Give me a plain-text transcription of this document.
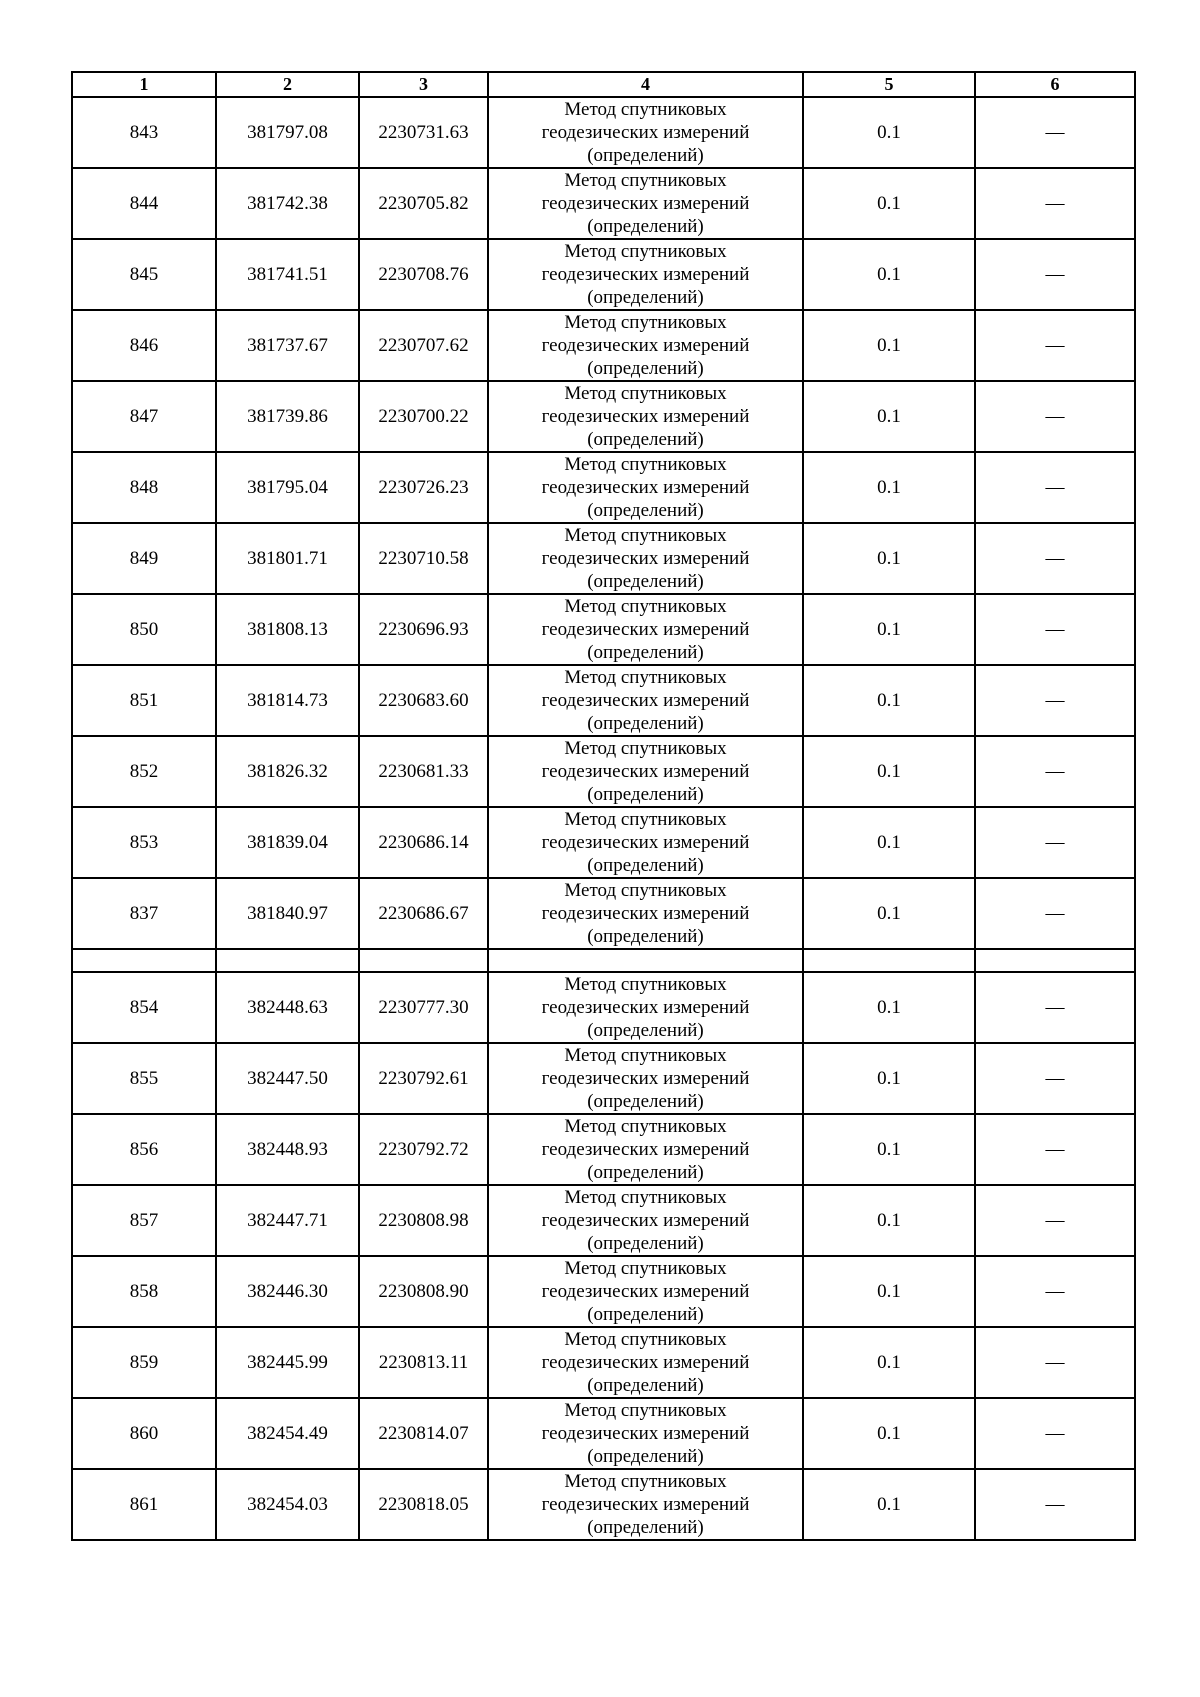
1	2	3	4	5	6
843	381797.08	2230731.63	Метод спутниковых
геодезических измерений
(определений)	0.1	—
844	381742.38	2230705.82	Метод спутниковых
геодезических измерений
(определений)	0.1	—
845	381741.51	2230708.76	Метод спутниковых
геодезических измерений
(определений)	0.1	—
846	381737.67	2230707.62	Метод спутниковых
геодезических измерений
(определений)	0.1	—
847	381739.86	2230700.22	Метод спутниковых
геодезических измерений
(определений)	0.1	—
848	381795.04	2230726.23	Метод спутниковых
геодезических измерений
(определений)	0.1	—
849	381801.71	2230710.58	Метод спутниковых
геодезических измерений
(определений)	0.1	—
850	381808.13	2230696.93	Метод спутниковых
геодезических измерений
(определений)	0.1	—
851	381814.73	2230683.60	Метод спутниковых
геодезических измерений
(определений)	0.1	—
852	381826.32	2230681.33	Метод спутниковых
геодезических измерений
(определений)	0.1	—
853	381839.04	2230686.14	Метод спутниковых
геодезических измерений
(определений)	0.1	—
837	381840.97	2230686.67	Метод спутниковых
геодезических измерений
(определений)	0.1	—

854	382448.63	2230777.30	Метод спутниковых
геодезических измерений
(определений)	0.1	—
855	382447.50	2230792.61	Метод спутниковых
геодезических измерений
(определений)	0.1	—
856	382448.93	2230792.72	Метод спутниковых
геодезических измерений
(определений)	0.1	—
857	382447.71	2230808.98	Метод спутниковых
геодезических измерений
(определений)	0.1	—
858	382446.30	2230808.90	Метод спутниковых
геодезических измерений
(определений)	0.1	—
859	382445.99	2230813.11	Метод спутниковых
геодезических измерений
(определений)	0.1	—
860	382454.49	2230814.07	Метод спутниковых
геодезических измерений
(определений)	0.1	—
861	382454.03	2230818.05	Метод спутниковых
геодезических измерений
(определений)	0.1	—
